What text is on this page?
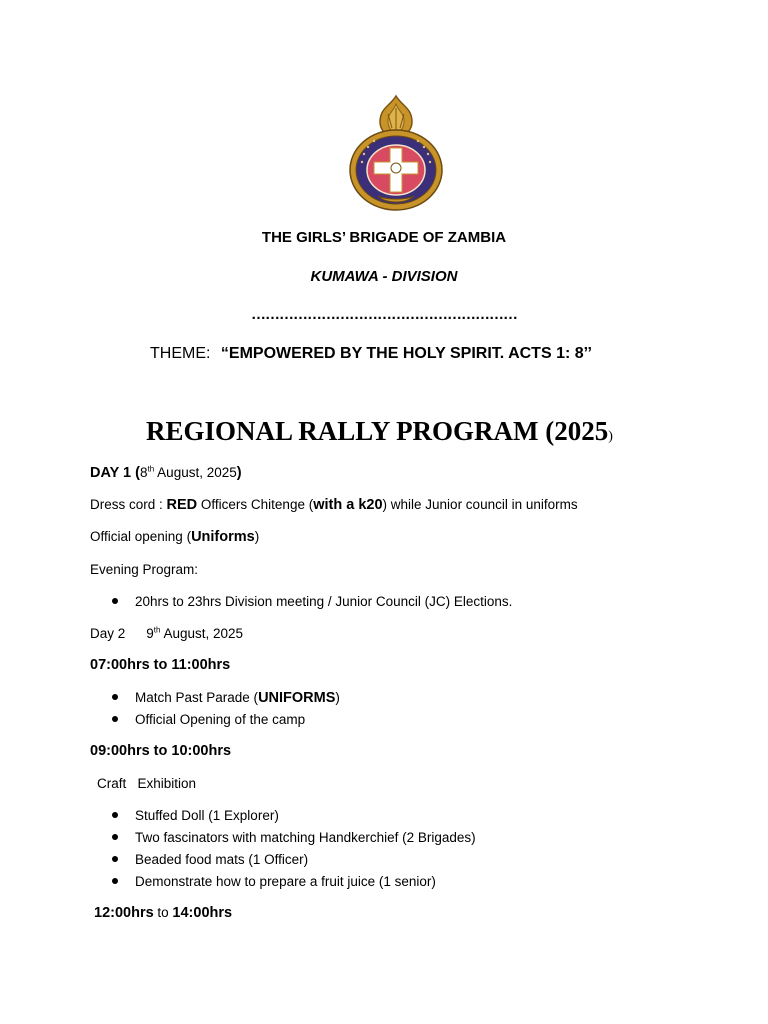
THE GIRLS’ BRIGADE OF ZAMBIA
KUMAWA - DIVISION
…………………………………………………
THEME: “EMPOWERED BY THE HOLY SPIRIT. ACTS 1: 8’’
REGIONAL RALLY PROGRAM (2025)
DAY 1 (8th August, 2025)
Dress cord : RED Officers Chitenge (with a k20) while Junior council in uniforms
Official opening (Uniforms)
Evening Program:
20hrs to 23hrs Division meeting / Junior Council (JC) Elections.
Day 2 9th August, 2025
07:00hrs to 11:00hrs
Match Past Parade (UNIFORMS)
Official Opening of the camp
09:00hrs to 10:00hrs
Craft   Exhibition
Stuffed Doll (1 Explorer)
Two fascinators with matching Handkerchief (2 Brigades)
Beaded food mats (1 Officer)
Demonstrate how to prepare a fruit juice (1 senior)
12:00hrs to 14:00hrs
